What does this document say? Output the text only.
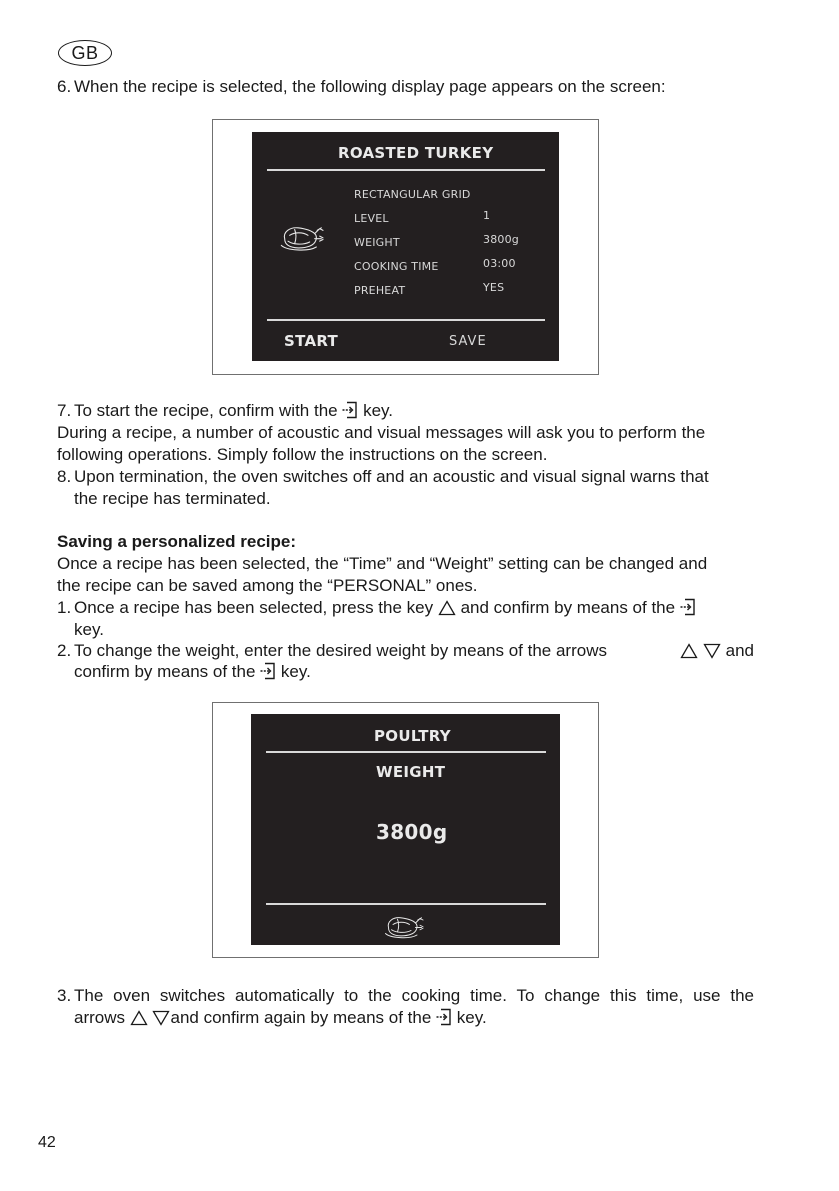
GB
6. When the recipe is selected, the following display page appears on the screen:
ROASTED TURKEY
RECTANGULAR GRID
LEVEL	1
WEIGHT	3800g
COOKING TIME	03:00
PREHEAT	YES
START	SAVE
7. To start the recipe, confirm with the key.
During a recipe, a number of acoustic and visual messages will ask you to perform the
following operations. Simply follow the instructions on the screen.
8. Upon termination, the oven switches off and an acoustic and visual signal warns that
the recipe has terminated.
Saving a personalized recipe:
Once a recipe has been selected, the “Time” and “Weight” setting can be changed and
the recipe can be saved among the “PERSONAL” ones.
1. Once a recipe has been selected, press the key and confirm by means of the
key.
2. To change the weight, enter the desired weight by means of the arrows	and
confirm by means of the key.
POULTRY
WEIGHT
3800g
3. The oven switches automatically to the cooking time. To change this time, use the
arrows	and confirm again by means of the key.
42
